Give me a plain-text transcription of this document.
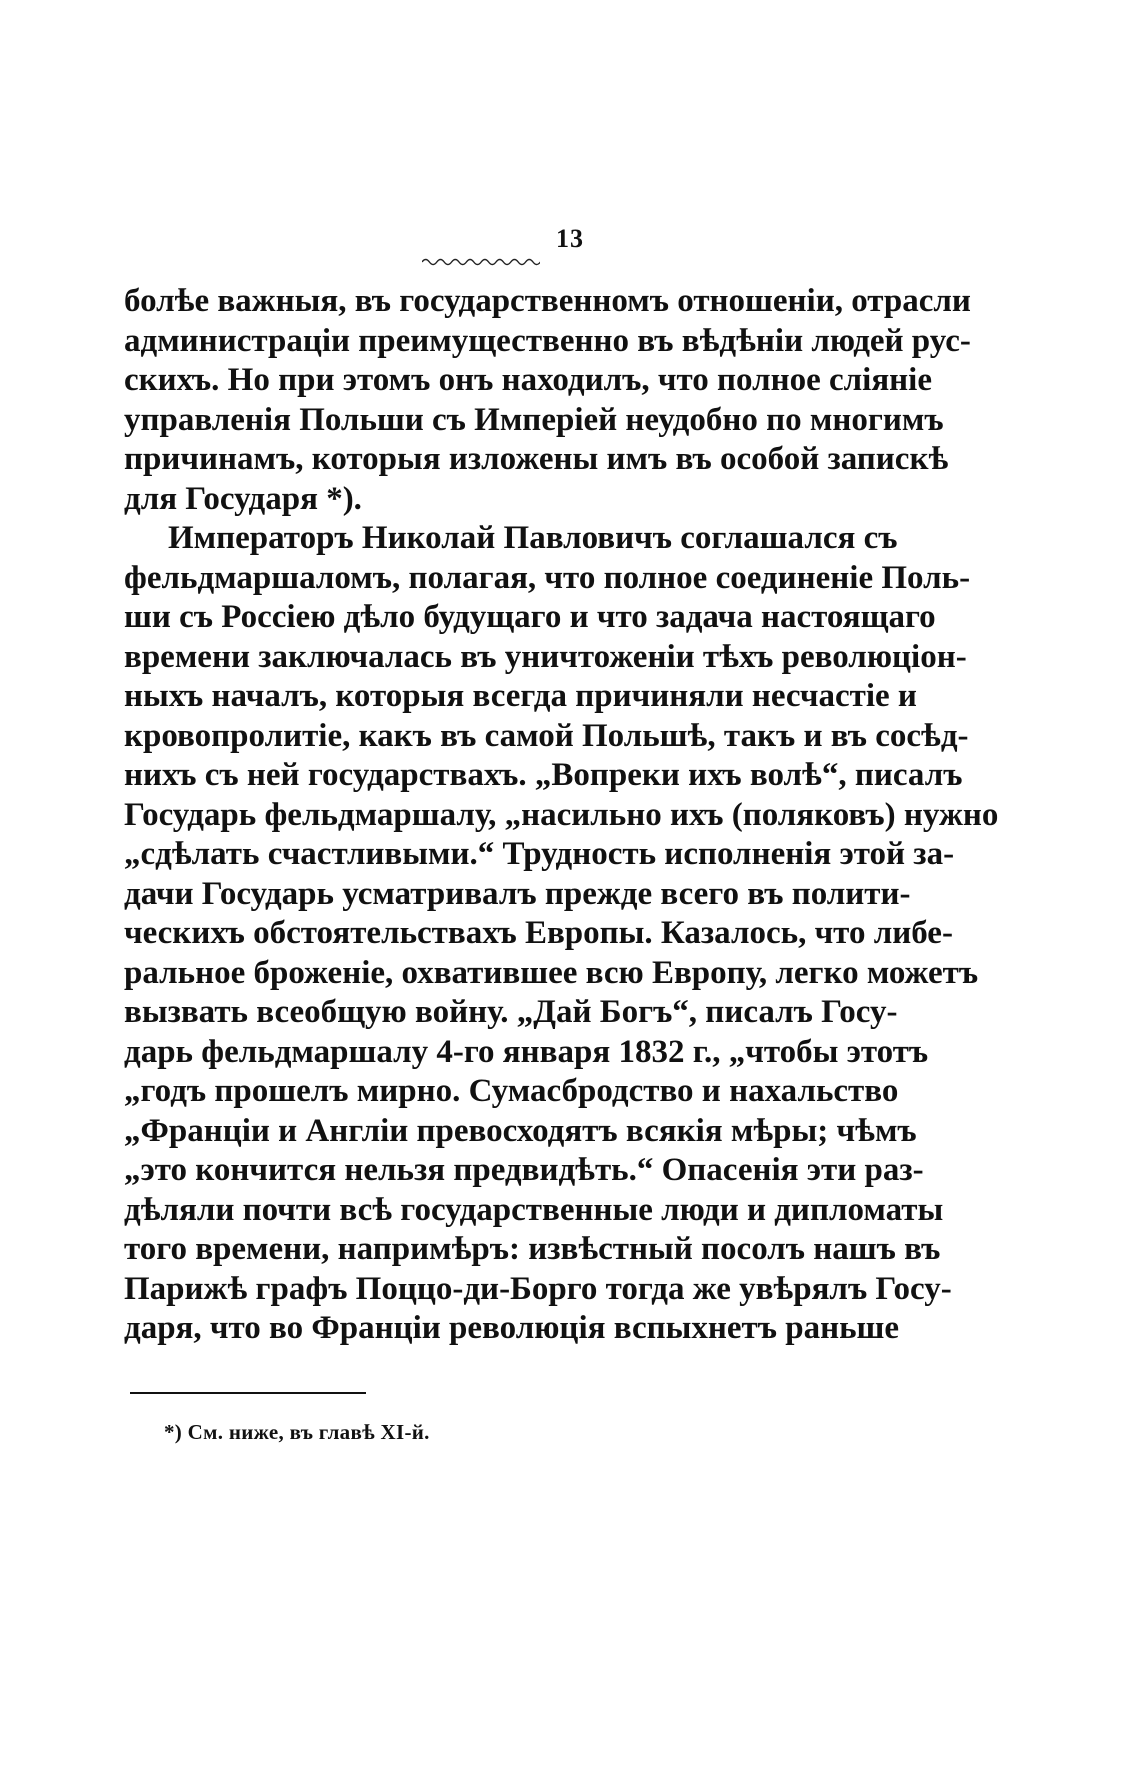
13
болѣе важныя, въ государственномъ отношеніи, отрасли
администраціи преимущественно въ вѣдѣніи людей рус-
скихъ. Но при этомъ онъ находилъ, что полное сліяніе
управленія Польши съ Имперіей неудобно по многимъ
причинамъ, которыя изложены имъ въ особой запискѣ
для Государя *).
Императоръ Николай Павловичъ соглашался съ
фельдмаршаломъ, полагая, что полное соединеніе Поль-
ши съ Россіею дѣло будущаго и что задача настоящаго
времени заключалась въ уничтоженіи тѣхъ революціон-
ныхъ началъ, которыя всегда причиняли несчастіе и
кровопролитіе, какъ въ самой Польшѣ, такъ и въ сосѣд-
нихъ съ ней государствахъ. „Вопреки ихъ волѣ“, писалъ
Государь фельдмаршалу, „насильно ихъ (поляковъ) нужно
„сдѣлать счастливыми.“ Трудность исполненія этой за-
дачи Государь усматривалъ прежде всего въ полити-
ческихъ обстоятельствахъ Европы. Казалось, что либе-
ральное броженіе, охватившее всю Европу, легко можетъ
вызвать всеобщую войну. „Дай Богъ“, писалъ Госу-
дарь фельдмаршалу 4-го января 1832 г., „чтобы этотъ
„годъ прошелъ мирно. Сумасбродство и нахальство
„Франціи и Англіи превосходятъ всякія мѣры; чѣмъ
„это кончится нельзя предвидѣть.“ Опасенія эти раз-
дѣляли почти всѣ государственные люди и дипломаты
того времени, напримѣръ: извѣстный посолъ нашъ въ
Парижѣ графъ Поццо-ди-Борго тогда же увѣрялъ Госу-
даря, что во Франціи революція вспыхнетъ раньше
*) См. ниже, въ главѣ XI-й.
